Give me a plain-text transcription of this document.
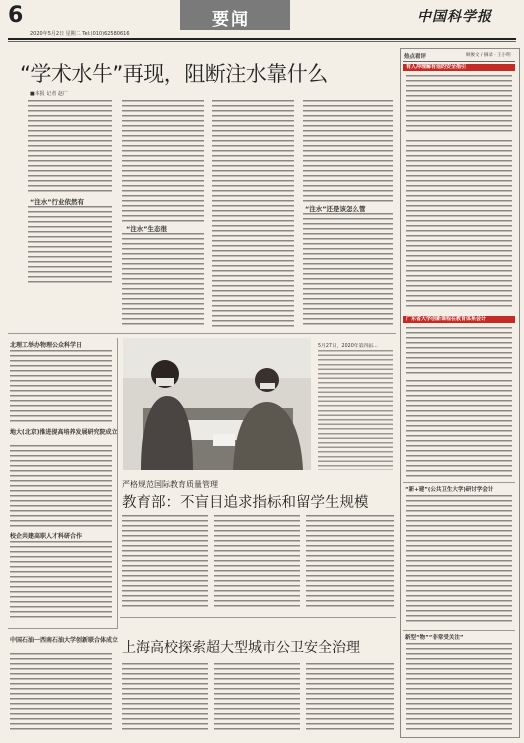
6
2020年5月2日 星期二 Tel:(010)62580616
要闻	中国科学报
“学术水牛”再现，阻断注水靠什么
■本报 记者 赵广
“注水”行业依然有
“注水”生态很
“注水”还是该怎么管
北理工举办物理公众科学日
地大(北京)推进提高培养发展研究院成立
校企共建高职人才科研合作
中国石油一西南石油大学创新联合体成立
5月27日，2020年第四届…
严格规范国际教育质量管理
教育部：不盲目追求指标和留学生规模
上海高校探索超大型城市公卫安全治理
热点看评	顾俊文 / 摘录 · 王小明
有人冲理解有他的安全指引
广东省大学创新课程在教育体系会计
“新+建”(公共卫生大学)研讨学会计
新型“物”“非常受关注”
